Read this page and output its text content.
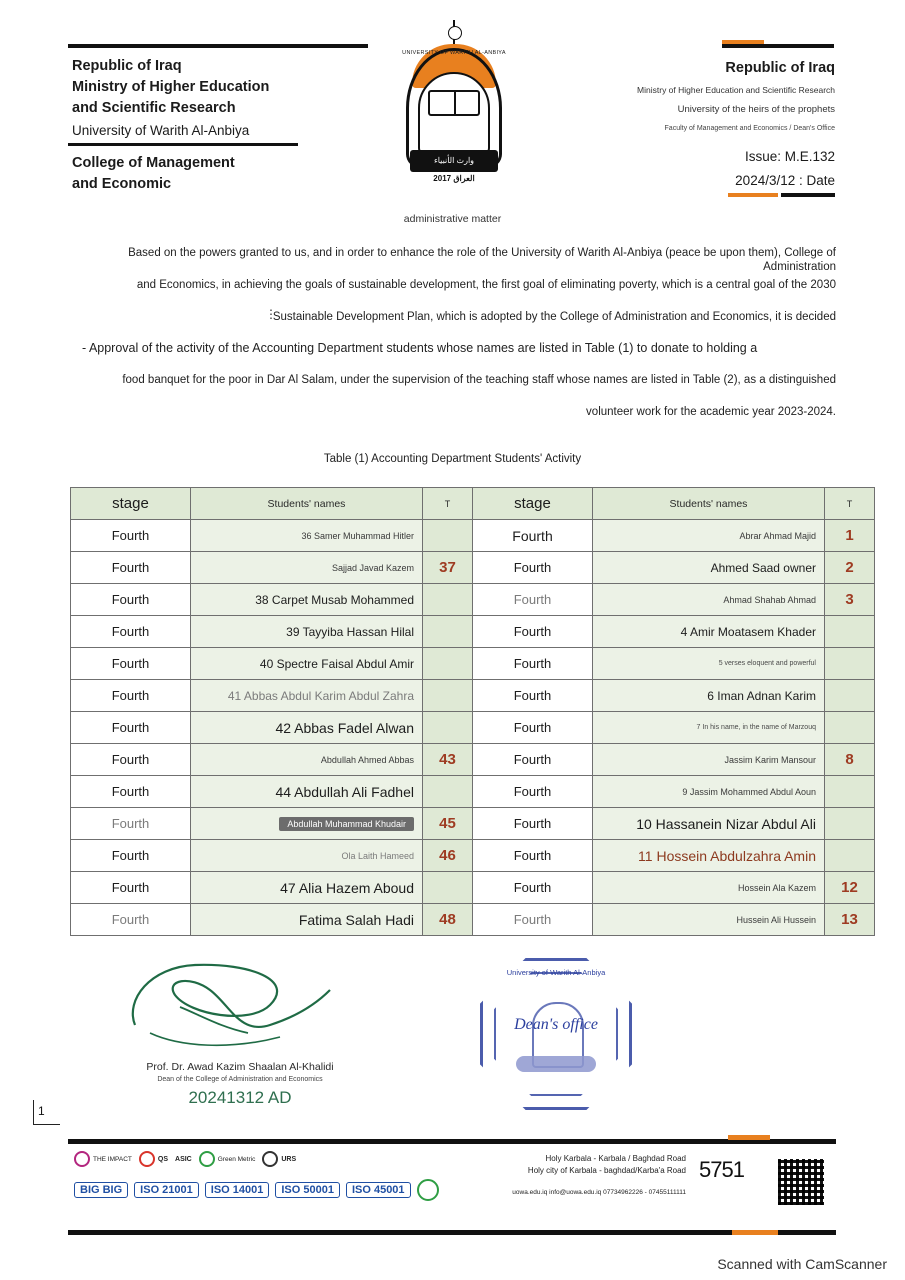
Republic of Iraq
Ministry of Higher Education
and Scientific Research
University of Warith Al-Anbiya
College of Management
and Economic
UNIVERSITY OF WARITH AL-ANBIYA
وارث الأنبياء
العراق 2017
Republic of Iraq
Ministry of Higher Education and Scientific Research
University of the heirs of the prophets
Faculty of Management and Economics / Dean's Office
Issue: M.E.132
2024/3/12 : Date
administrative matter
Based on the powers granted to us, and in order to enhance the role of the University of Warith Al-Anbiya (peace be upon them), College of Administration
and Economics, in achieving the goals of sustainable development, the first goal of eliminating poverty, which is a central goal of the 2030
⋮
Sustainable Development Plan, which is adopted by the College of Administration and Economics, it is decided
- Approval of the activity of the Accounting Department students whose names are listed in Table (1) to donate to holding a
food banquet for the poor in Dar Al Salam, under the supervision of the teaching staff whose names are listed in Table (2), as a distinguished
volunteer work for the academic year 2023-2024.
Table (1) Accounting Department Students' Activity
stage	Students' names	T	stage	Students' names	T
Fourth	36 Samer Muhammad Hitler		Fourth	Abrar Ahmad Majid	1
Fourth	Sajjad Javad Kazem	37	Fourth	Ahmed Saad owner	2
Fourth	38 Carpet Musab Mohammed		Fourth	Ahmad Shahab Ahmad	3
Fourth	39 Tayyiba Hassan Hilal		Fourth	4 Amir Moatasem Khader	
Fourth	40 Spectre Faisal Abdul Amir		Fourth	5 verses eloquent and powerful	
Fourth	41 Abbas Abdul Karim Abdul Zahra		Fourth	6 Iman Adnan Karim	
Fourth	42 Abbas Fadel Alwan		Fourth	7 In his name, in the name of Marzouq	
Fourth	Abdullah Ahmed Abbas	43	Fourth	Jassim Karim Mansour	8
Fourth	44 Abdullah Ali Fadhel		Fourth	9 Jassim Mohammed Abdul Aoun	
Fourth	Abdullah Muhammad Khudair	45	Fourth	10 Hassanein Nizar Abdul Ali	
Fourth	Ola Laith Hameed	46	Fourth	11 Hossein Abdulzahra Amin	
Fourth	47 Alia Hazem Aboud		Fourth	Hossein Ala Kazem	12
Fourth	Fatima Salah Hadi	48	Fourth	Hussein Ali Hussein	13
Prof. Dr. Awad Kazim Shaalan Al-Khalidi
Dean of the College of Administration and Economics
20241312 AD
University of Warith Al-Anbiya
Dean's office
1
THE IMPACT	QS ASIC	Green Metric	URS
BIG BIG	ISO 21001	ISO 14001	ISO 50001	ISO 45001
Holy Karbala - Karbala / Baghdad Road
Holy city of Karbala - baghdad/Karba'a Road
uowa.edu.iq info@uowa.edu.iq 07734962226 - 07455111111
5751
Scanned with CamScanner
